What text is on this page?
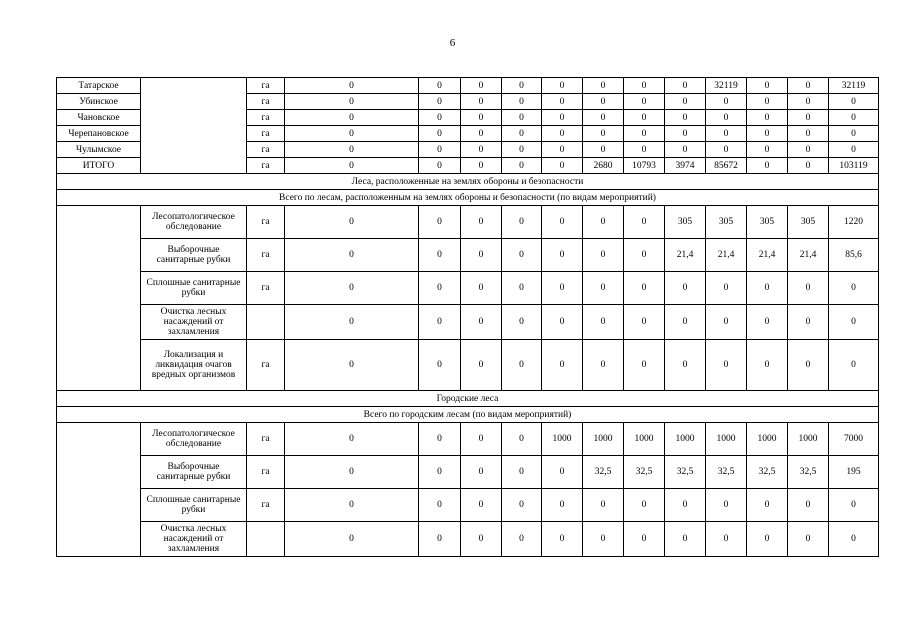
6
Татарское		га	0	0	0	0	0	0	0	0	32119	0	0	32119
Убинское		га	0	0	0	0	0	0	0	0	0	0	0	0
Чановское		га	0	0	0	0	0	0	0	0	0	0	0	0
Черепановское		га	0	0	0	0	0	0	0	0	0	0	0	0
Чулымское		га	0	0	0	0	0	0	0	0	0	0	0	0
ИТОГО		га	0	0	0	0	0	2680	10793	3974	85672	0	0	103119
Леса, расположенные на землях обороны и безопасности														
Всего по лесам, расположенным на землях обороны и безопасности (по видам мероприятий)														
	Лесопатологическое обследование	га	0	0	0	0	0	0	0	305	305	305	305	1220
	Выборочные санитарные рубки	га	0	0	0	0	0	0	0	21,4	21,4	21,4	21,4	85,6
	Сплошные санитарные рубки	га	0	0	0	0	0	0	0	0	0	0	0	0
	Очистка лесных насаждений от захламления		0	0	0	0	0	0	0	0	0	0	0	0
	Локализация и ликвидация очагов вредных организмов	га	0	0	0	0	0	0	0	0	0	0	0	0
Городские леса														
Всего по городским лесам (по видам мероприятий)														
	Лесопатологическое обследование	га	0	0	0	0	1000	1000	1000	1000	1000	1000	1000	7000
	Выборочные санитарные рубки	га	0	0	0	0	0	32,5	32,5	32,5	32,5	32,5	32,5	195
	Сплошные санитарные рубки	га	0	0	0	0	0	0	0	0	0	0	0	0
	Очистка лесных насаждений от захламления		0	0	0	0	0	0	0	0	0	0	0	0
